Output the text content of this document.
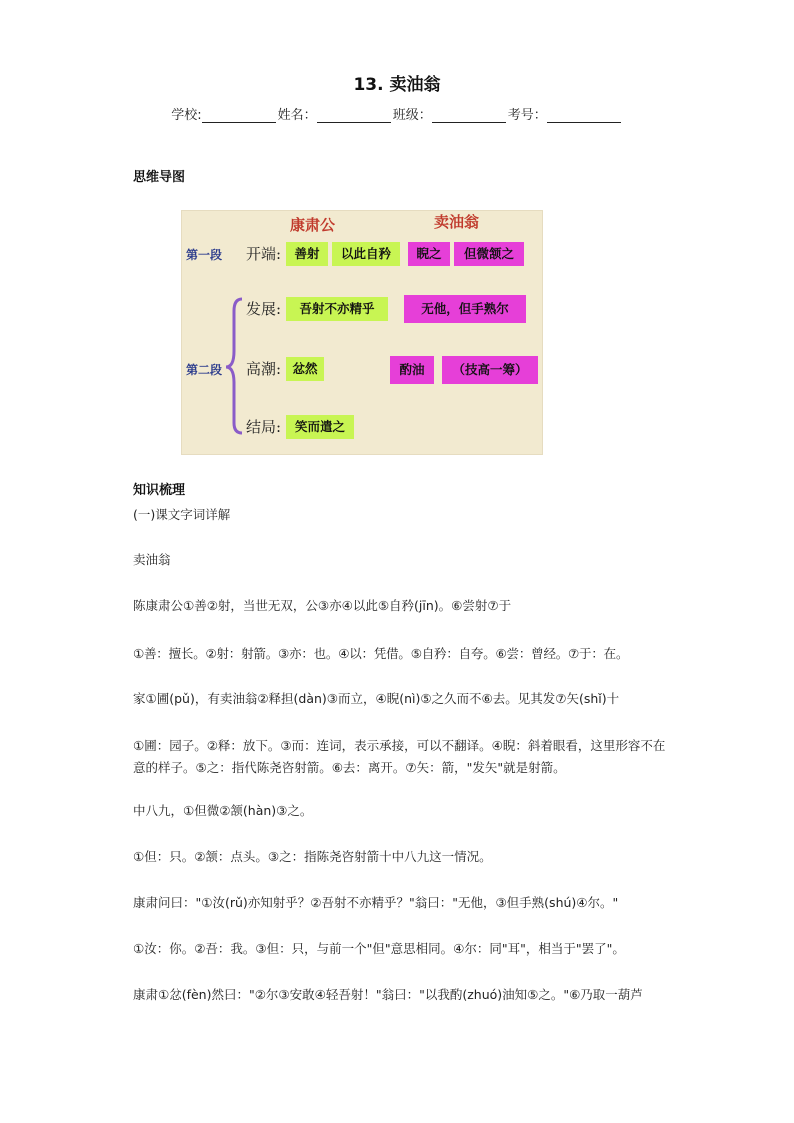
13. 卖油翁
学校:	姓名：	班级：	考号：
思维导图
康肃公	卖油翁
第一段 开端:	善射	以此自矜	睨之	但微颔之
发展:	吾射不亦精乎	无他，但手熟尔
第二段 高潮: 忿然	酌油	（技高一筹）
结局:	笑而遣之
知识梳理
(一)课文字词详解
卖油翁
陈康肃公①善②射，当世无双，公③亦④以此⑤自矜(jīn)。⑥尝射⑦于
①善：擅长。②射：射箭。③亦：也。④以：凭借。⑤自矜：自夸。⑥尝：曾经。⑦于：在。
家①圃(pǔ)，有卖油翁②释担(dàn)③而立，④睨(nì)⑤之久而不⑥去。见其发⑦矢(shǐ)十
①圃：园子。②释：放下。③而：连词，表示承接，可以不翻译。④睨：斜着眼看，这里形容不在意的样子。⑤之：指代陈尧咨射箭。⑥去：离开。⑦矢：箭，"发矢"就是射箭。
中八九，①但微②颔(hàn)③之。
①但：只。②颔：点头。③之：指陈尧咨射箭十中八九这一情况。
康肃问曰："①汝(rǔ)亦知射乎？②吾射不亦精乎？"翁曰："无他，③但手熟(shú)④尔。"
①汝：你。②吾：我。③但：只，与前一个"但"意思相同。④尔：同"耳"，相当于"罢了"。
康肃①忿(fèn)然曰："②尔③安敢④轻吾射！"翁曰："以我酌(zhuó)油知⑤之。"⑥乃取一葫芦
